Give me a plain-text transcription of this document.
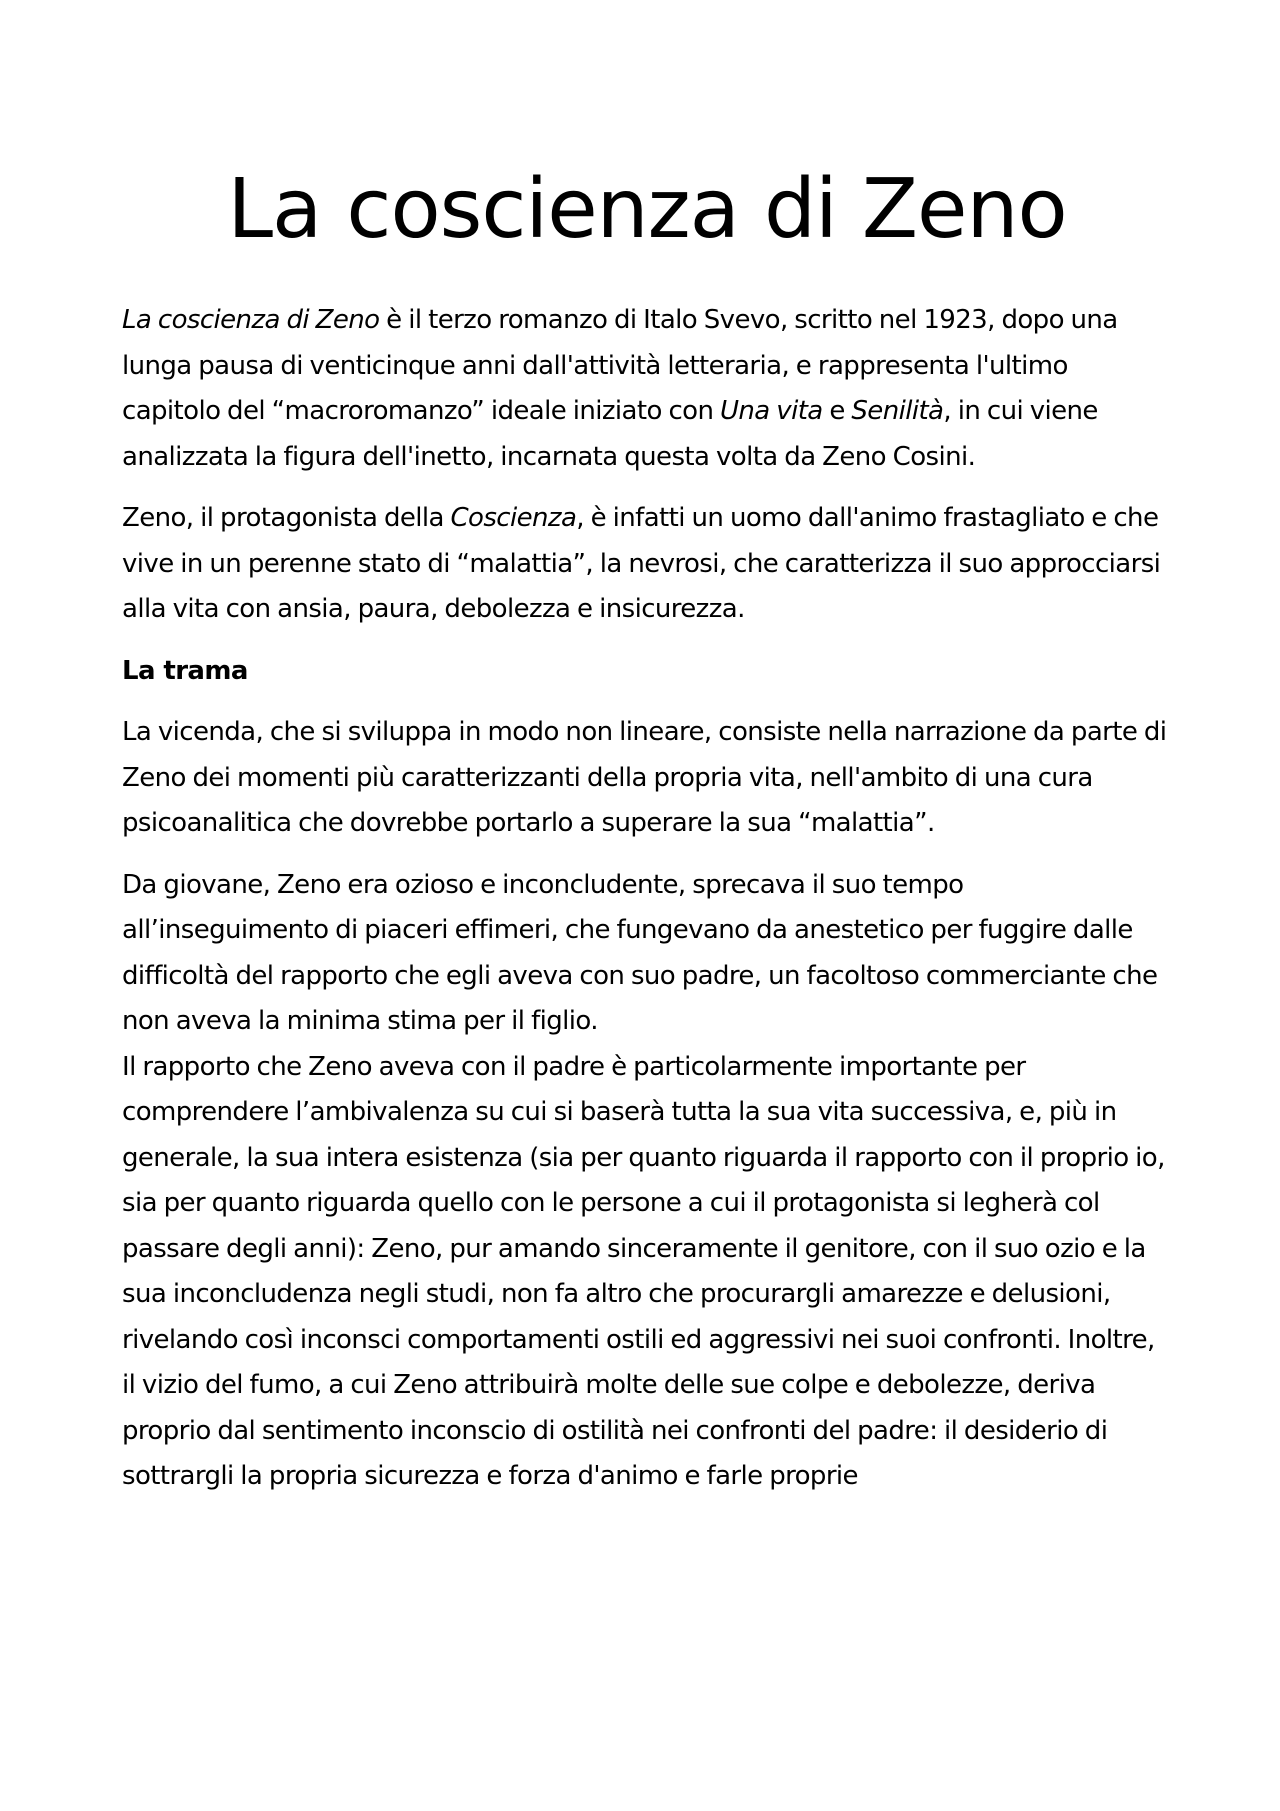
La coscienza di Zeno

La coscienza di Zeno è il terzo romanzo di Italo Svevo, scritto nel 1923, dopo una lunga pausa di venticinque anni dall'attività letteraria, e rappresenta l'ultimo capitolo del “macroromanzo” ideale iniziato con Una vita e Senilità, in cui viene analizzata la figura dell'inetto, incarnata questa volta da Zeno Cosini.

Zeno, il protagonista della Coscienza, è infatti un uomo dall'animo frastagliato e che vive in un perenne stato di “malattia”, la nevrosi, che caratterizza il suo approcciarsi alla vita con ansia, paura, debolezza e insicurezza.

La trama

La vicenda, che si sviluppa in modo non lineare, consiste nella narrazione da parte di Zeno dei momenti più caratterizzanti della propria vita, nell'ambito di una cura psicoanalitica che dovrebbe portarlo a superare la sua “malattia”.

Da giovane, Zeno era ozioso e inconcludente, sprecava il suo tempo all’inseguimento di piaceri effimeri, che fungevano da anestetico per fuggire dalle difficoltà del rapporto che egli aveva con suo padre, un facoltoso commerciante che non aveva la minima stima per il figlio.

Il rapporto che Zeno aveva con il padre è particolarmente importante per comprendere l’ambivalenza su cui si baserà tutta la sua vita successiva, e, più in generale, la sua intera esistenza (sia per quanto riguarda il rapporto con il proprio io, sia per quanto riguarda quello con le persone a cui il protagonista si legherà col passare degli anni): Zeno, pur amando sinceramente il genitore, con il suo ozio e la sua inconcludenza negli studi, non fa altro che procurargli amarezze e delusioni, rivelando così inconsci comportamenti ostili ed aggressivi nei suoi confronti. Inoltre, il vizio del fumo, a cui Zeno attribuirà molte delle sue colpe e debolezze, deriva proprio dal sentimento inconscio di ostilità nei confronti del padre: il desiderio di sottrargli la propria sicurezza e forza d'animo e farle proprie
